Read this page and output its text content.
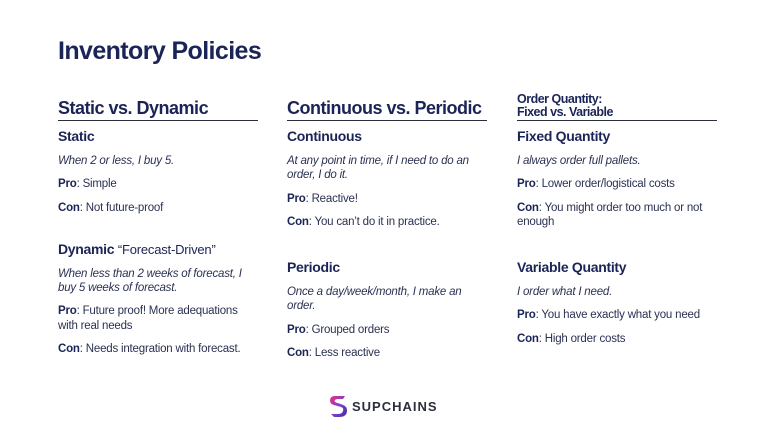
Inventory Policies
Static vs. Dynamic

Static

When 2 or less, I buy 5.

Pro: Simple

Con: Not future-proof

Dynamic “Forecast-Driven”

When less than 2 weeks of forecast, I buy 5 weeks of forecast.

Pro: Future proof! More adequations with real needs

Con: Needs integration with forecast.

Continuous vs. Periodic

Continuous

At any point in time, if I need to do an order, I do it.

Pro: Reactive!

Con: You can’t do it in practice.

Periodic

Once a day/week/month, I make an order.

Pro: Grouped orders

Con: Less reactive

Order Quantity:
Fixed vs. Variable

Fixed Quantity

I always order full pallets.

Pro: Lower order/logistical costs

Con: You might order too much or not enough

Variable Quantity

I order what I need.

Pro: You have exactly what you need

Con: High order costs

SUPCHAINS
